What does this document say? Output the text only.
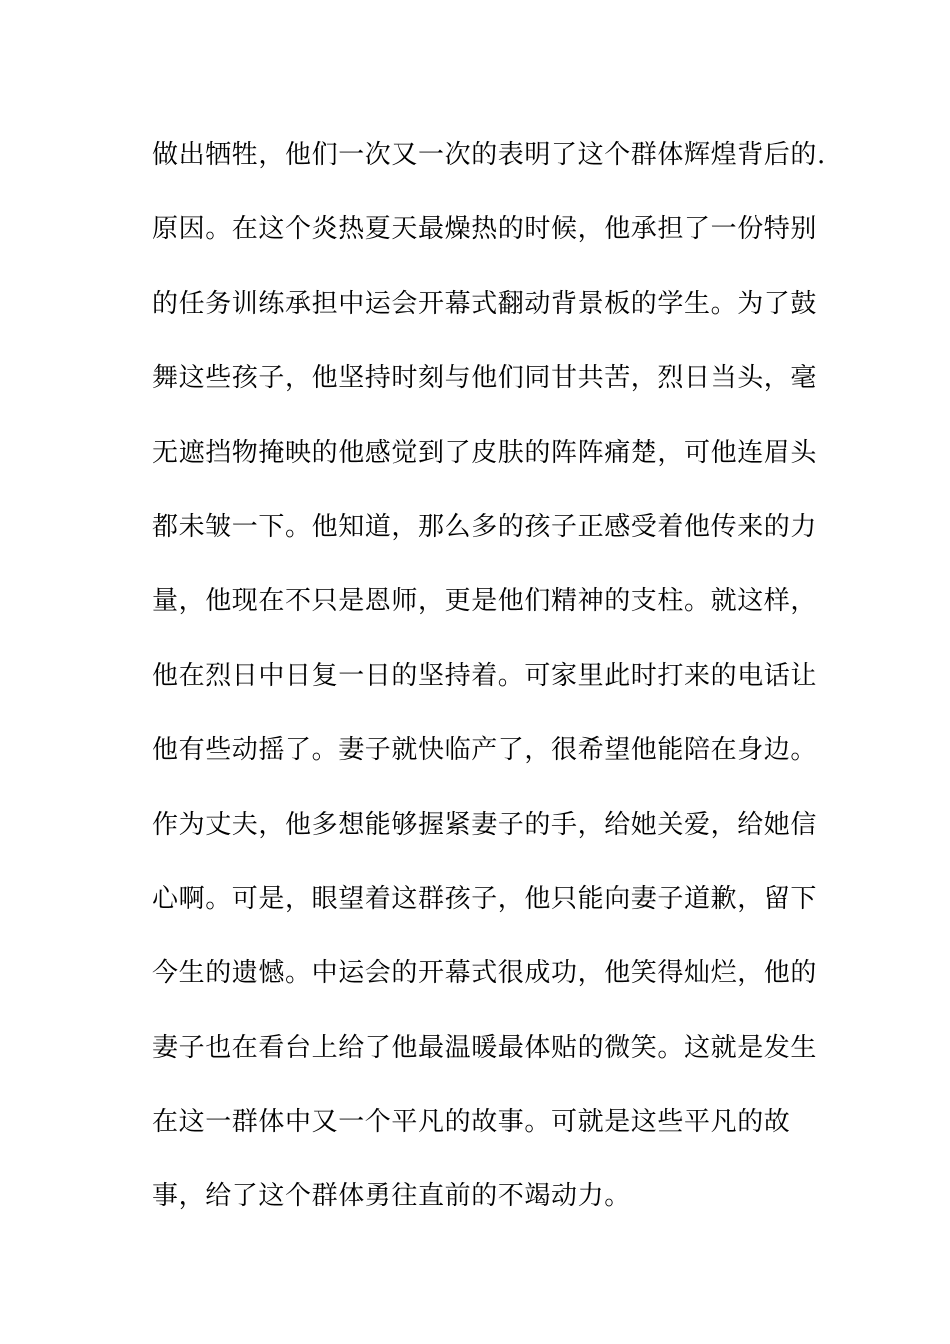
做出牺牲，他们一次又一次的表明了这个群体辉煌背后的.
原因。在这个炎热夏天最燥热的时候，他承担了一份特别
的任务训练承担中运会开幕式翻动背景板的学生。为了鼓
舞这些孩子，他坚持时刻与他们同甘共苦，烈日当头，毫
无遮挡物掩映的他感觉到了皮肤的阵阵痛楚，可他连眉头
都未皱一下。他知道，那么多的孩子正感受着他传来的力
量，他现在不只是恩师，更是他们精神的支柱。就这样，
他在烈日中日复一日的坚持着。可家里此时打来的电话让
他有些动摇了。妻子就快临产了，很希望他能陪在身边。
作为丈夫，他多想能够握紧妻子的手，给她关爱，给她信
心啊。可是，眼望着这群孩子，他只能向妻子道歉，留下
今生的遗憾。中运会的开幕式很成功，他笑得灿烂，他的
妻子也在看台上给了他最温暖最体贴的微笑。这就是发生
在这一群体中又一个平凡的故事。可就是这些平凡的故
事，给了这个群体勇往直前的不竭动力。
